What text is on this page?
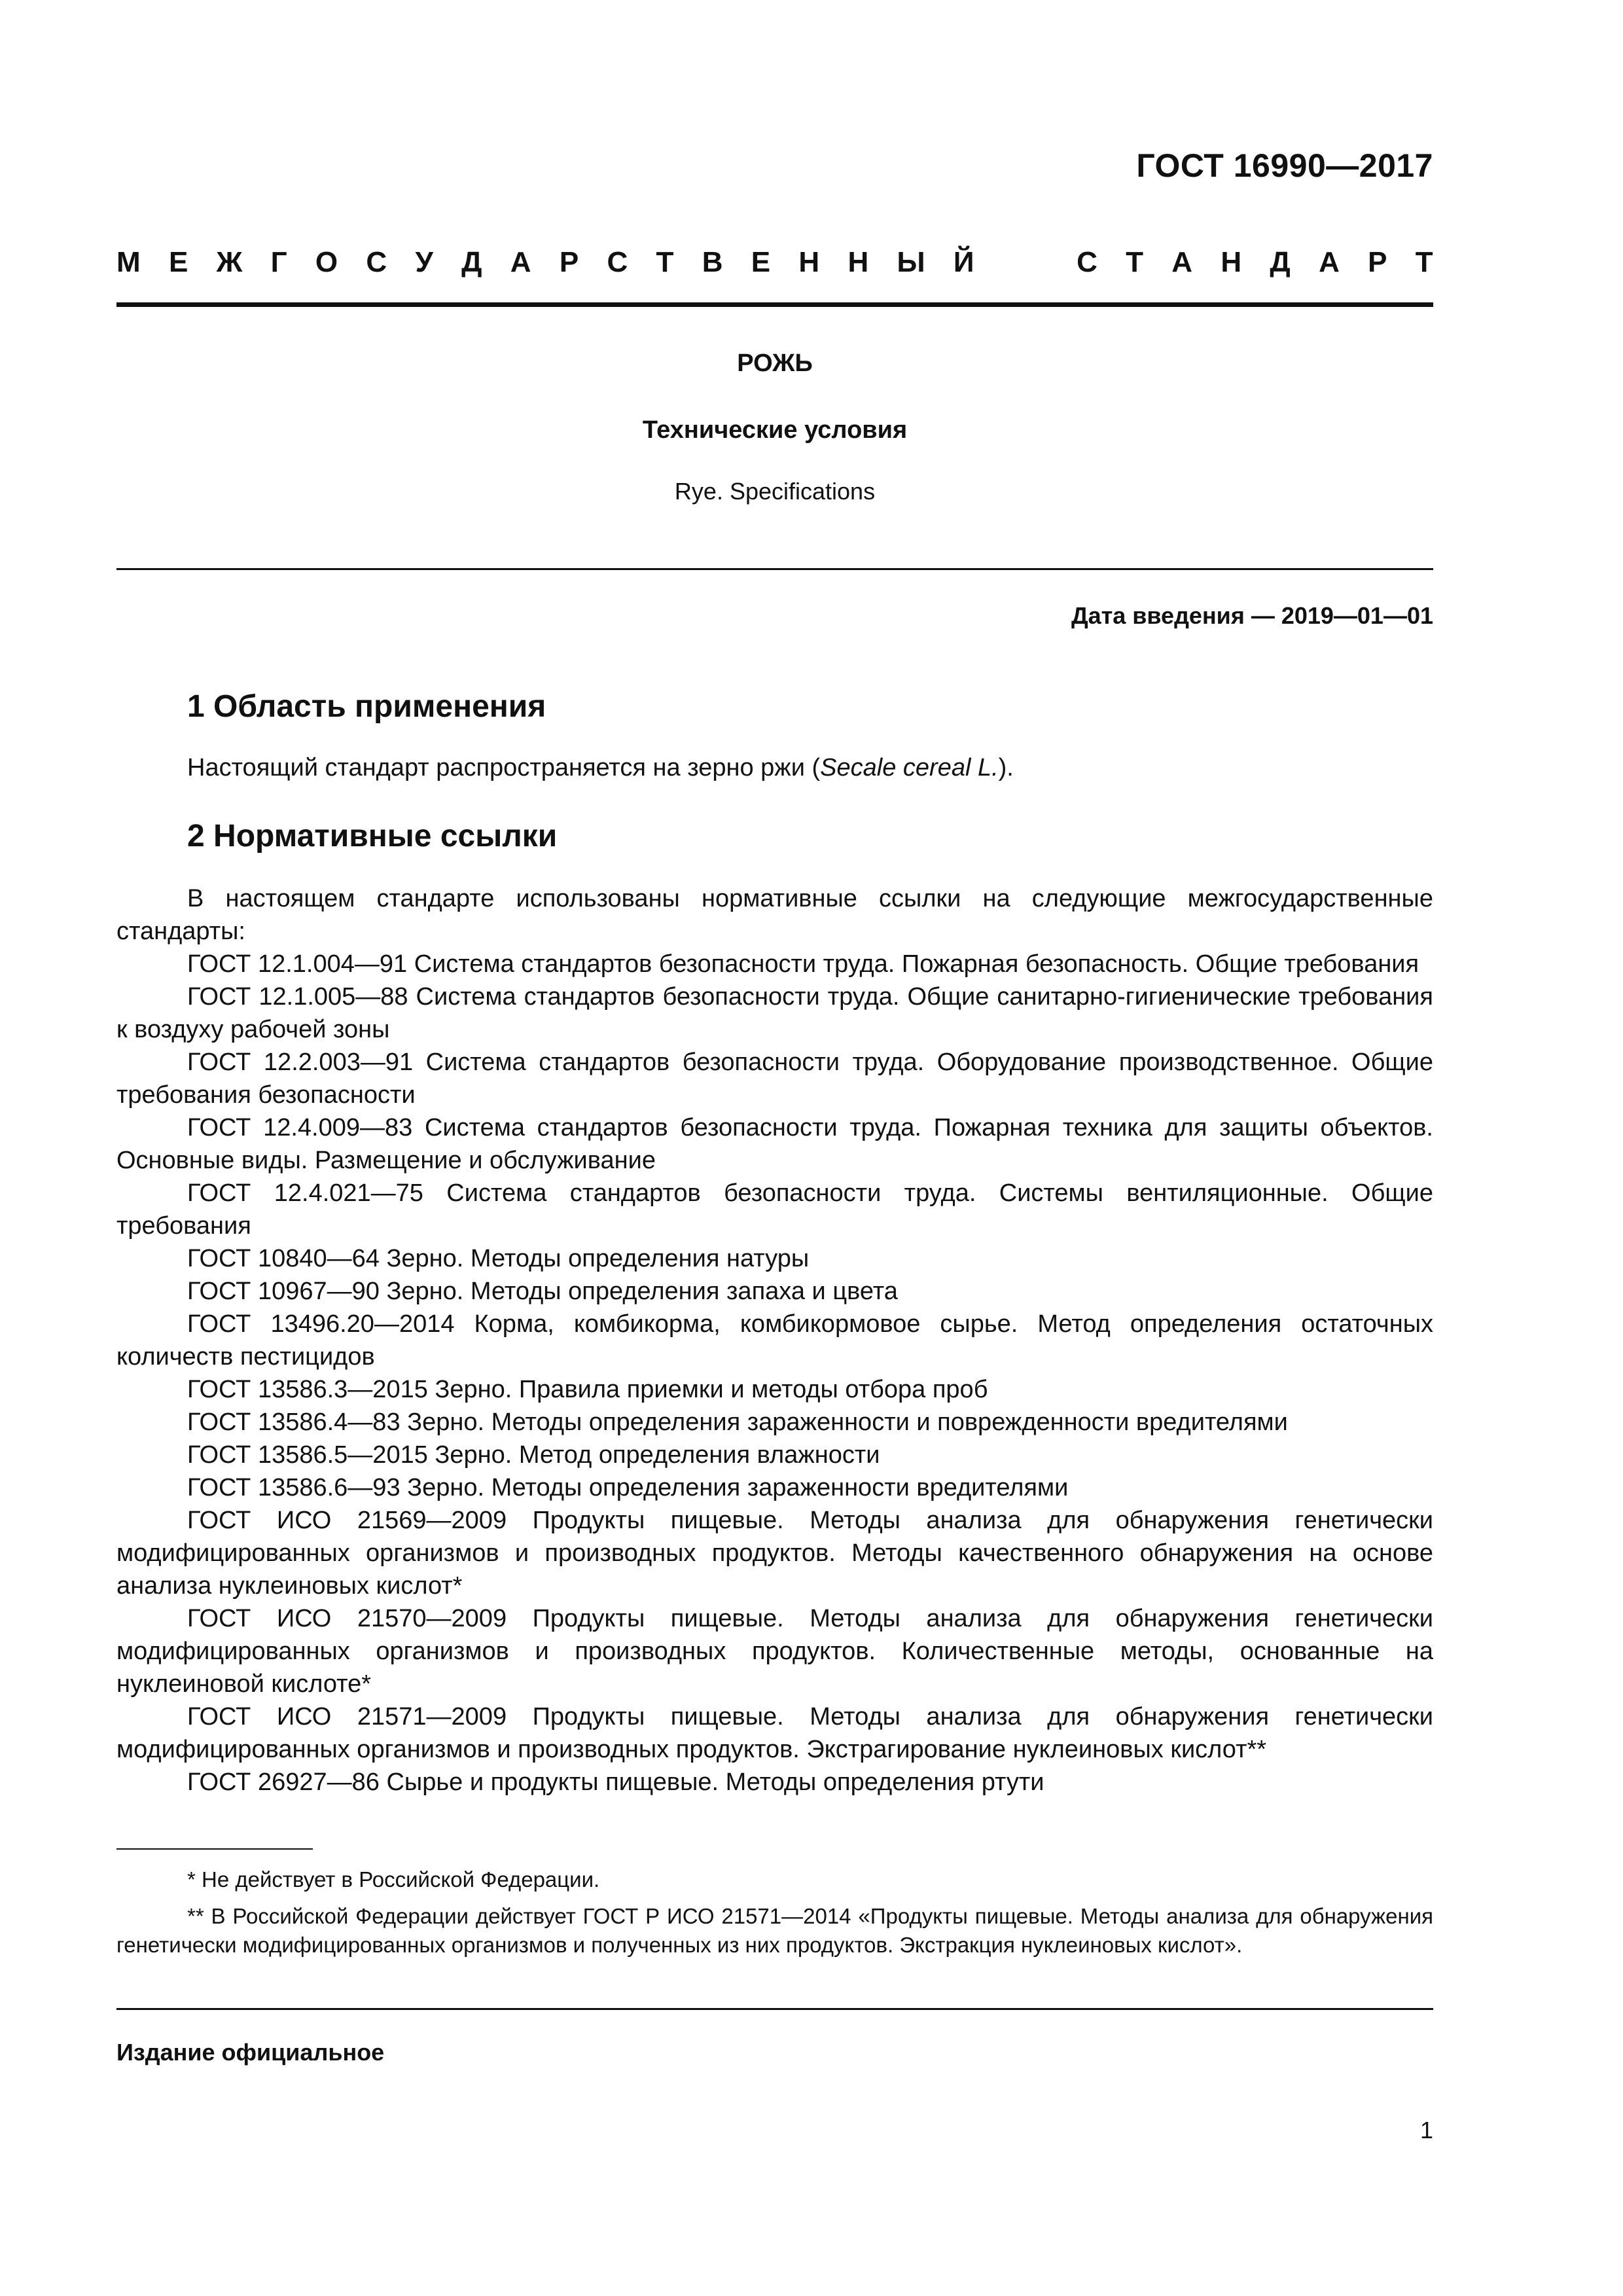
ГОСТ 16990—2017
М Е Ж Г О С У Д А Р С Т В Е Н Н Ы Й	С Т А Н Д А Р Т
РОЖЬ
Технические условия
Rye. Specifications
Дата введения — 2019—01—01
1 Область применения

Настоящий стандарт распространяется на зерно ржи (Secale cereal L.).

2 Нормативные ссылки

В настоящем стандарте использованы нормативные ссылки на следующие межгосударственные стандарты:

ГОСТ 12.1.004—91 Система стандартов безопасности труда. Пожарная безопасность. Общие требования

ГОСТ 12.1.005—88 Система стандартов безопасности труда. Общие санитарно-гигиенические требования к воздуху рабочей зоны

ГОСТ 12.2.003—91 Система стандартов безопасности труда. Оборудование производственное. Общие требования безопасности

ГОСТ 12.4.009—83 Система стандартов безопасности труда. Пожарная техника для защиты объектов. Основные виды. Размещение и обслуживание

ГОСТ 12.4.021—75 Система стандартов безопасности труда. Системы вентиляционные. Общие требования

ГОСТ 10840—64 Зерно. Методы определения натуры

ГОСТ 10967—90 Зерно. Методы определения запаха и цвета

ГОСТ 13496.20—2014 Корма, комбикорма, комбикормовое сырье. Метод определения остаточных количеств пестицидов

ГОСТ 13586.3—2015 Зерно. Правила приемки и методы отбора проб

ГОСТ 13586.4—83 Зерно. Методы определения зараженности и поврежденности вредителями

ГОСТ 13586.5—2015 Зерно. Метод определения влажности

ГОСТ 13586.6—93 Зерно. Методы определения зараженности вредителями

ГОСТ ИСО 21569—2009 Продукты пищевые. Методы анализа для обнаружения генетически модифицированных организмов и производных продуктов. Методы качественного обнаружения на основе анализа нуклеиновых кислот*

ГОСТ ИСО 21570—2009 Продукты пищевые. Методы анализа для обнаружения генетически модифицированных организмов и производных продуктов. Количественные методы, основанные на нуклеиновой кислоте*

ГОСТ ИСО 21571—2009 Продукты пищевые. Методы анализа для обнаружения генетически модифицированных организмов и производных продуктов. Экстрагирование нуклеиновых кислот**

ГОСТ 26927—86 Сырье и продукты пищевые. Методы определения ртути

* Не действует в Российской Федерации.

** В Российской Федерации действует ГОСТ Р ИСО 21571—2014 «Продукты пищевые. Методы анализа для обнаружения генетически модифицированных организмов и полученных из них продуктов. Экстракция нуклеиновых кислот».

Издание официальное
1
